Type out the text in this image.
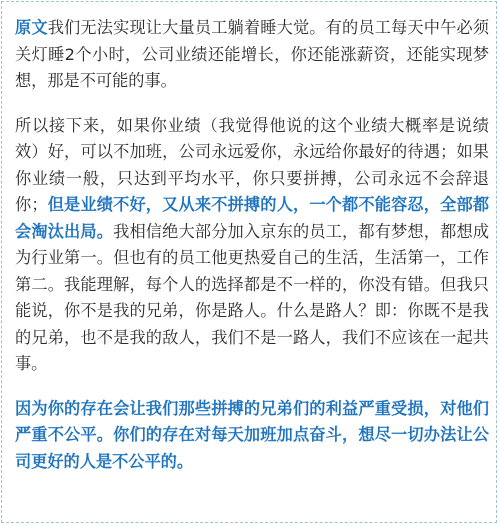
原文我们无法实现让大量员工躺着睡大觉。有的员工每天中午必须关灯睡2个小时，公司业绩还能增长，你还能涨薪资，还能实现梦想，那是不可能的事。

所以接下来，如果你业绩（我觉得他说的这个业绩大概率是说绩效）好，可以不加班，公司永远爱你，永远给你最好的待遇；如果你业绩一般，只达到平均水平，你只要拼搏，公司永远不会辞退你；但是业绩不好，又从来不拼搏的人，一个都不能容忍，全部都会淘汰出局。我相信绝大部分加入京东的员工，都有梦想，都想成为行业第一。但也有的员工他更热爱自己的生活，生活第一，工作第二。我能理解，每个人的选择都是不一样的，你没有错。但我只能说，你不是我的兄弟，你是路人。什么是路人？即：你既不是我的兄弟，也不是我的敌人，我们不是一路人，我们不应该在一起共事。

因为你的存在会让我们那些拼搏的兄弟们的利益严重受损，对他们严重不公平。你们的存在对每天加班加点奋斗，想尽一切办法让公司更好的人是不公平的。
